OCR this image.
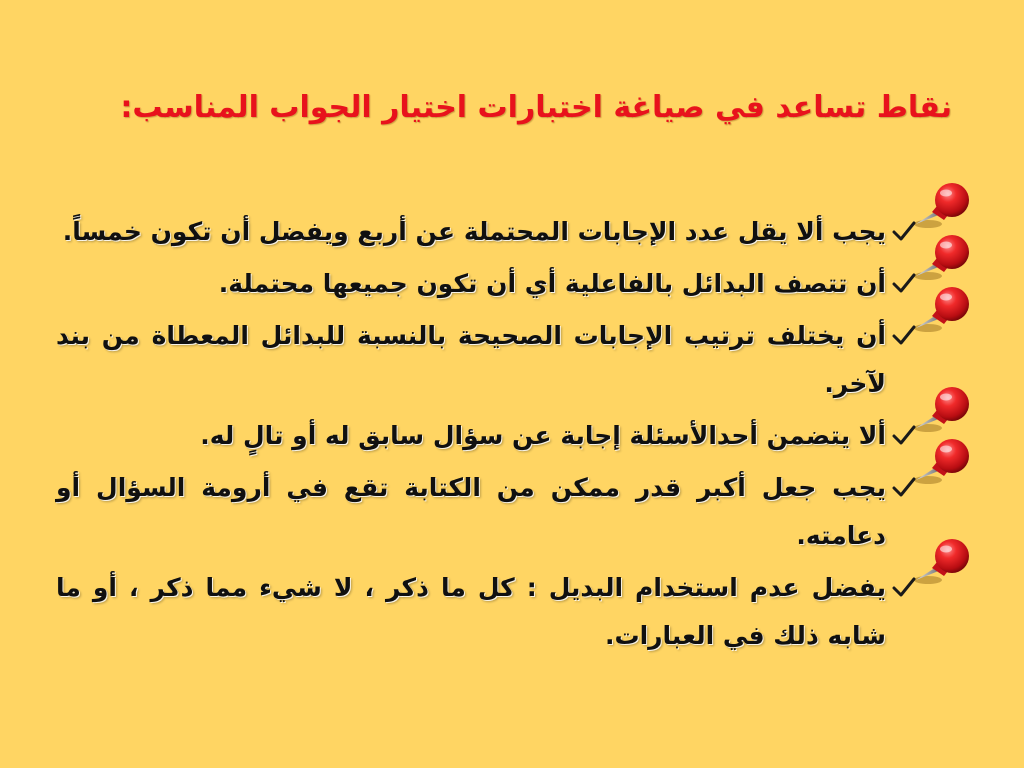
نقاط تساعد في صياغة اختبارات اختيار الجواب المناسب:
يجب ألا يقل عدد الإجابات المحتملة عن أربع ويفضل أن تكون خمساً.
أن تتصف البدائل بالفاعلية أي أن تكون جميعها محتملة.
أن يختلف ترتيب الإجابات الصحيحة بالنسبة للبدائل المعطاة من بند لآخر.
ألا يتضمن أحدالأسئلة إجابة عن سؤال سابق له أو تالٍ له.
يجب جعل أكبر قدر ممكن من الكتابة تقع في أرومة السؤال أو دعامته.
يفضل عدم استخدام البديل : كل ما ذكر ، لا شيء مما ذكر ، أو ما شابه ذلك في العبارات.
